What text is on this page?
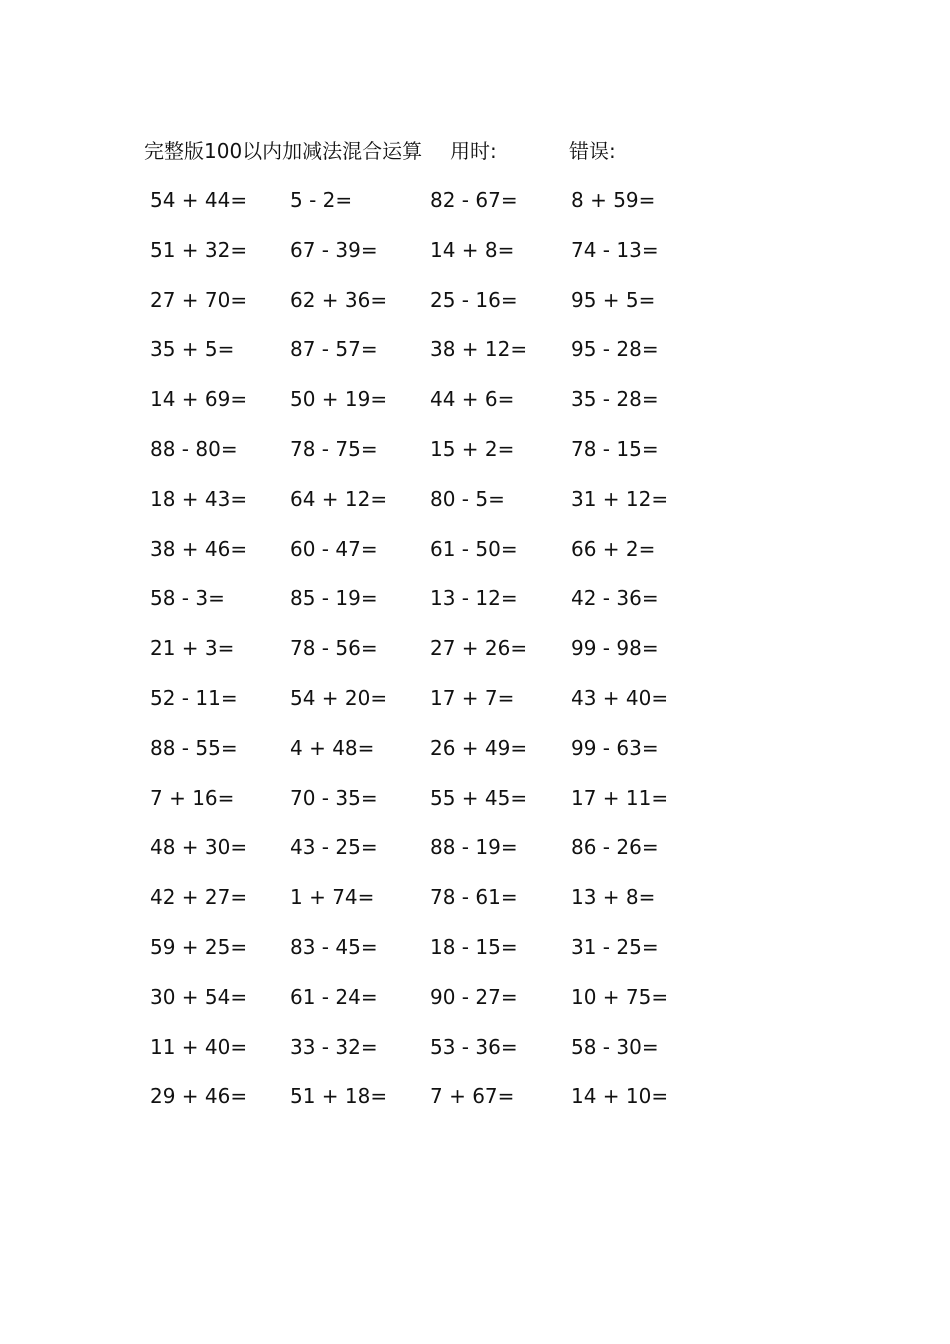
完整版100以内加减法混合运算 用时:	错误:
54 + 44=	5 - 2=	82 - 67=	8 + 59=
51 + 32=	67 - 39=	14 + 8=	74 - 13=
27 + 70=	62 + 36=	25 - 16=	95 + 5=
35 + 5=	87 - 57=	38 + 12=	95 - 28=
14 + 69=	50 + 19=	44 + 6=	35 - 28=
88 - 80=	78 - 75=	15 + 2=	78 - 15=
18 + 43=	64 + 12=	80 - 5=	31 + 12=
38 + 46=	60 - 47=	61 - 50=	66 + 2=
58 - 3=	85 - 19=	13 - 12=	42 - 36=
21 + 3=	78 - 56=	27 + 26=	99 - 98=
52 - 11=	54 + 20=	17 + 7=	43 + 40=
88 - 55=	4 + 48=	26 + 49=	99 - 63=
7 + 16=	70 - 35=	55 + 45=	17 + 11=
48 + 30=	43 - 25=	88 - 19=	86 - 26=
42 + 27=	1 + 74=	78 - 61=	13 + 8=
59 + 25=	83 - 45=	18 - 15=	31 - 25=
30 + 54=	61 - 24=	90 - 27=	10 + 75=
11 + 40=	33 - 32=	53 - 36=	58 - 30=
29 + 46=	51 + 18=	7 + 67=	14 + 10=
